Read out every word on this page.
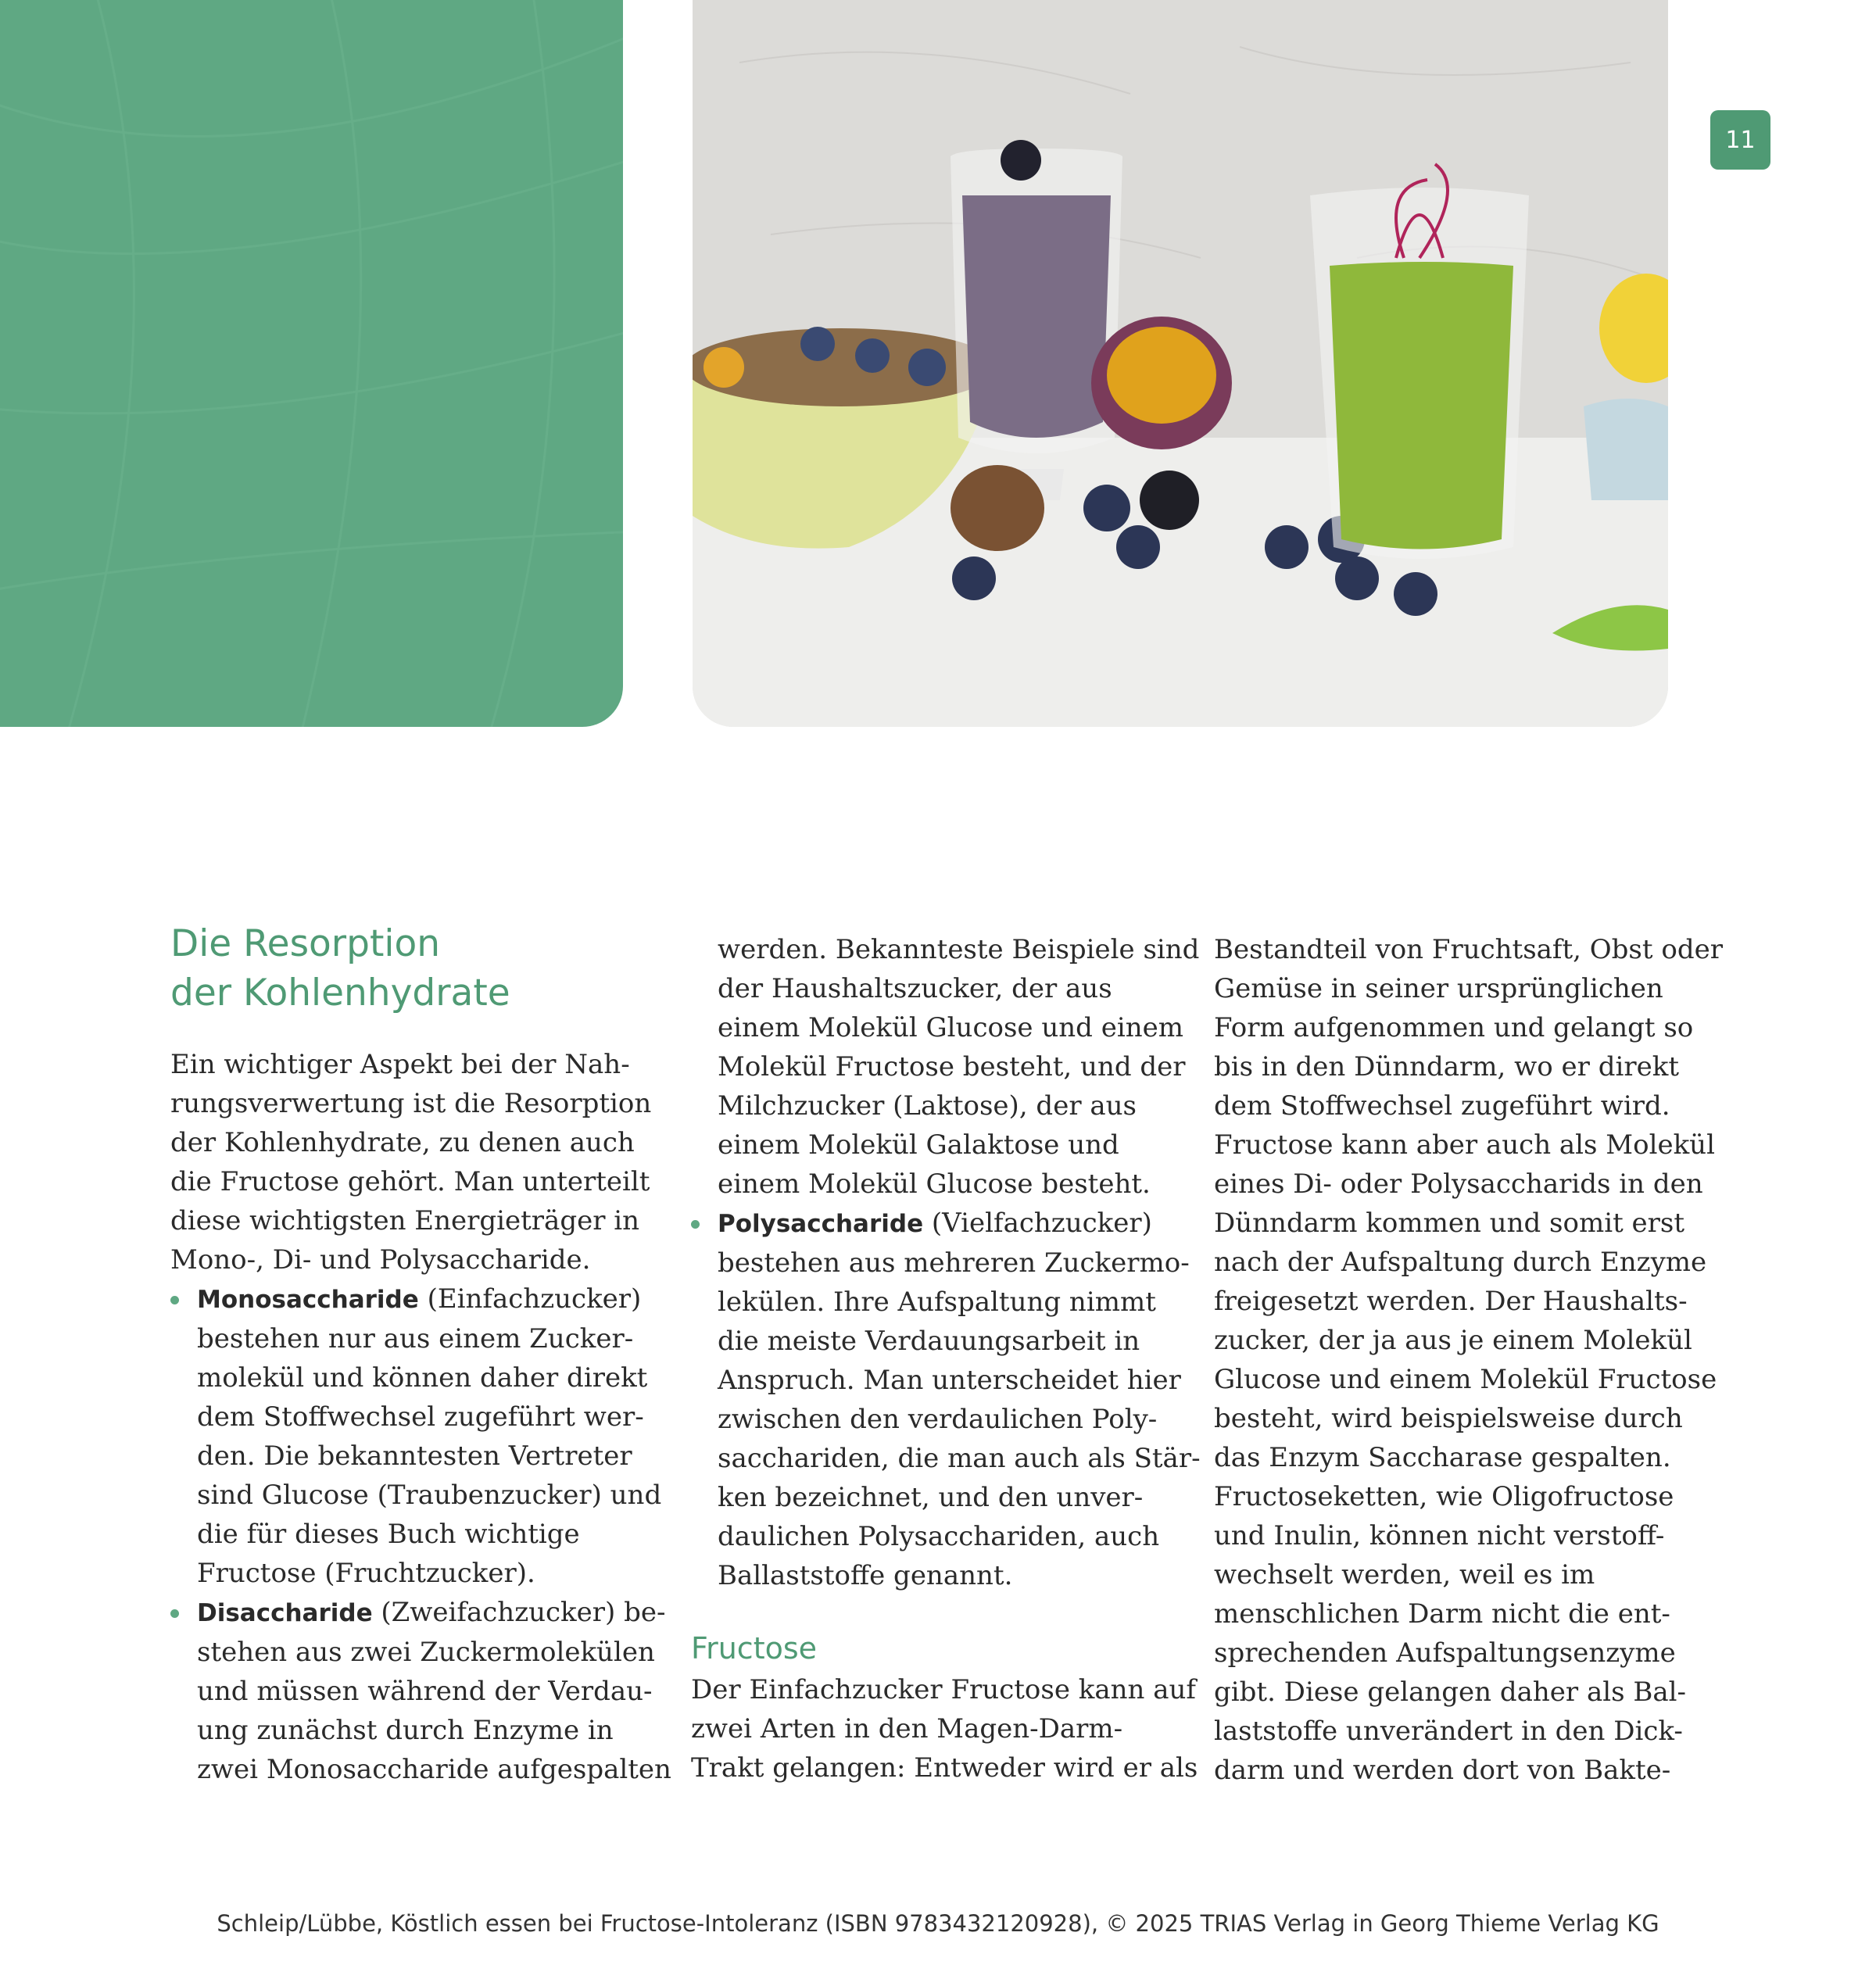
11
Die Resorption
der Kohlenhydrate

Ein wichtiger Aspekt bei der Nah-
rungsverwertung ist die Resorption
der Kohlenhydrate, zu denen auch
die Fructose gehört. Man unterteilt
diese wichtigsten Energieträger in
Mono-, Di- und Polysaccharide.

Monosaccharide (Einfachzucker)
bestehen nur aus einem Zucker-
molekül und können daher direkt
dem Stoffwechsel zugeführt wer-
den. Die bekanntesten Vertreter
sind Glucose (Traubenzucker) und
die für dieses Buch wichtige
Fructose (Fruchtzucker).
Disaccharide (Zweifachzucker) be-
stehen aus zwei Zuckermolekülen
und müssen während der Verdau-
ung zunächst durch Enzyme in
zwei Monosaccharide aufgespalten

werden. Bekannteste Beispiele sind
der Haushaltszucker, der aus
einem Molekül Glucose und einem
Molekül Fructose besteht, und der
Milchzucker (Laktose), der aus
einem Molekül Galaktose und
einem Molekül Glucose besteht.

Polysaccharide (Vielfachzucker)
bestehen aus mehreren Zuckermo-
lekülen. Ihre Aufspaltung nimmt
die meiste Verdauungsarbeit in
Anspruch. Man unterscheidet hier
zwischen den verdaulichen Poly-
sacchariden, die man auch als Stär-
ken bezeichnet, und den unver-
daulichen Polysacchariden, auch
Ballaststoffe genannt.
Fructose

Der Einfachzucker Fructose kann auf
zwei Arten in den Magen-Darm-
Trakt gelangen: Entweder wird er als

Bestandteil von Fruchtsaft, Obst oder
Gemüse in seiner ursprünglichen
Form aufgenommen und gelangt so
bis in den Dünndarm, wo er direkt
dem Stoffwechsel zugeführt wird.
Fructose kann aber auch als Molekül
eines Di- oder Polysaccharids in den
Dünndarm kommen und somit erst
nach der Aufspaltung durch Enzyme
freigesetzt werden. Der Haushalts-
zucker, der ja aus je einem Molekül
Glucose und einem Molekül Fructose
besteht, wird beispielsweise durch
das Enzym Saccharase gespalten.
Fructoseketten, wie Oligofructose
und Inulin, können nicht verstoff-
wechselt werden, weil es im
menschlichen Darm nicht die ent-
sprechenden Aufspaltungsenzyme
gibt. Diese gelangen daher als Bal-
laststoffe unverändert in den Dick-
darm und werden dort von Bakte-

Schleip/Lübbe, Köstlich essen bei Fructose-Intoleranz (ISBN 9783432120928), © 2025 TRIAS Verlag in Georg Thieme Verlag KG
